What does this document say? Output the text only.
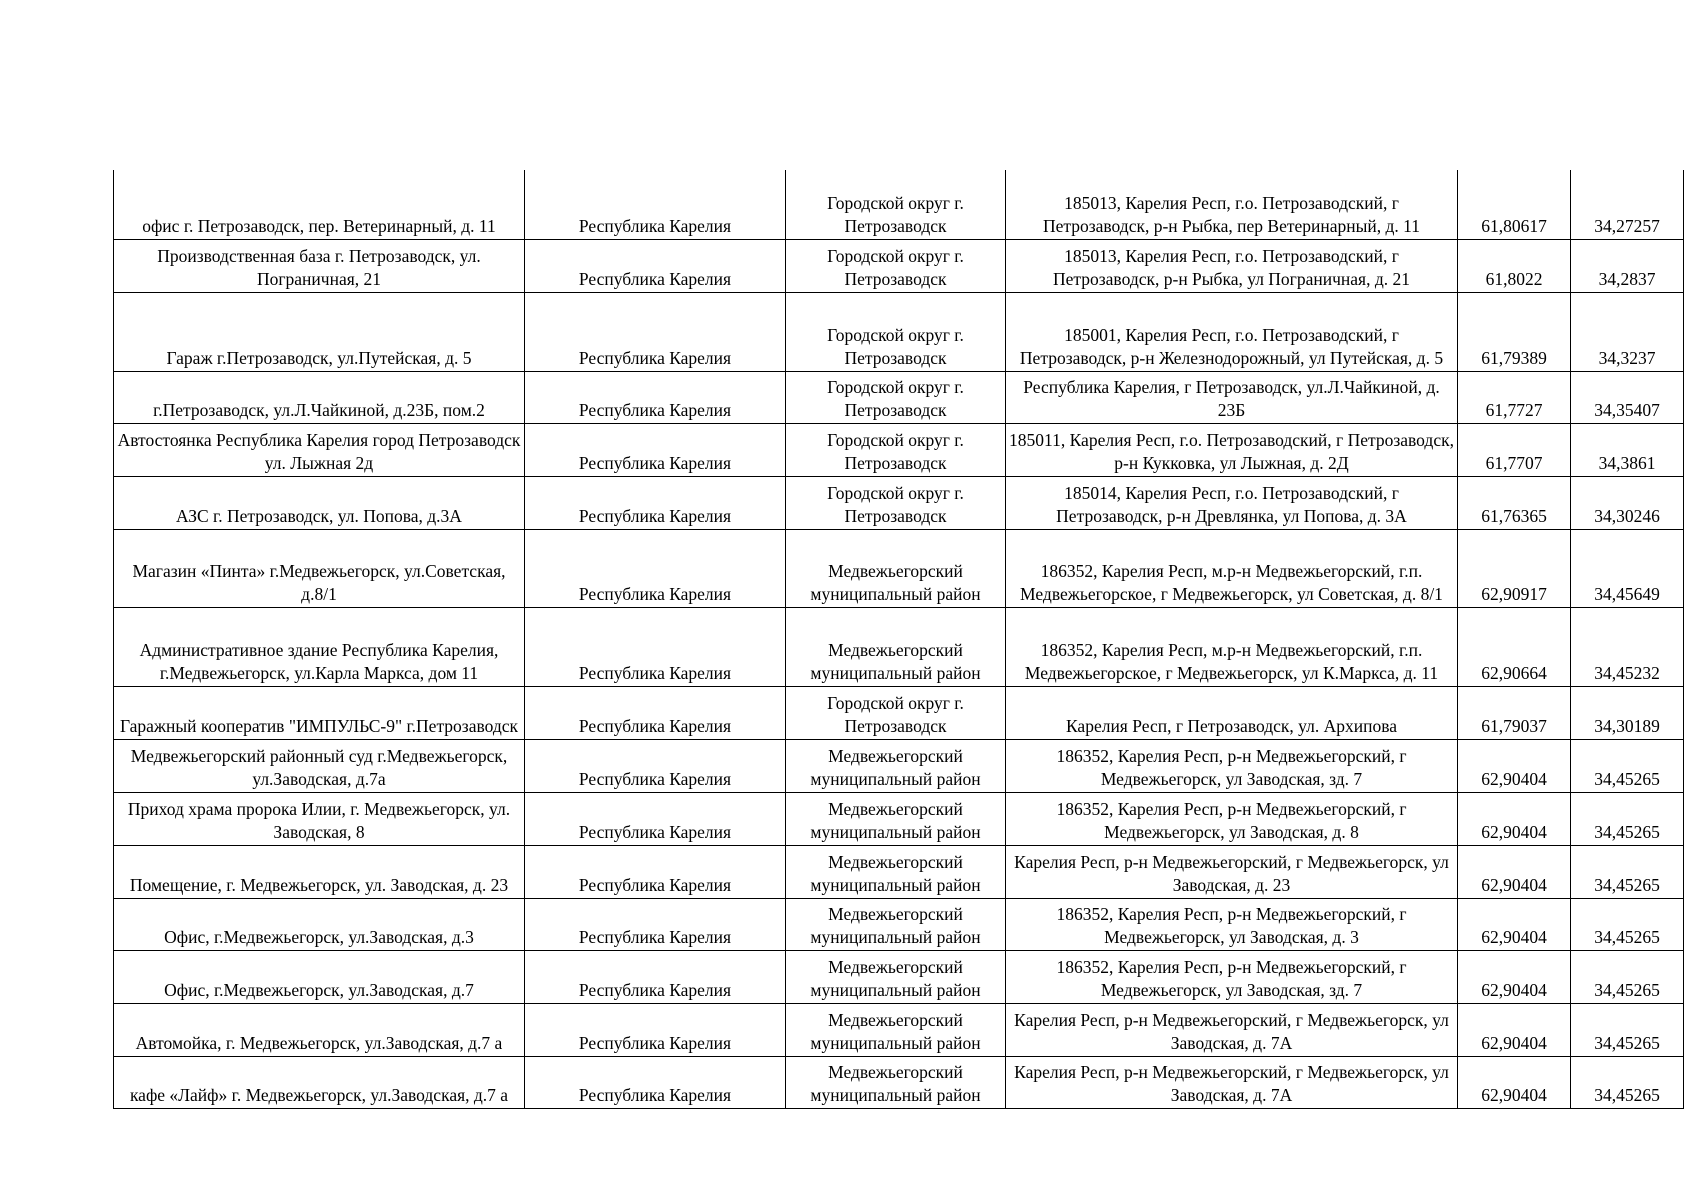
офис г. Петрозаводск, пер. Ветеринарный, д. 11	Республика Карелия	Городской округ г. Петрозаводск	185013, Карелия Респ, г.о. Петрозаводский, г Петрозаводск, р-н Рыбка, пер Ветеринарный, д. 11	61,80617	34,27257
Производственная база г. Петрозаводск, ул. Пограничная, 21	Республика Карелия	Городской округ г. Петрозаводск	185013, Карелия Респ, г.о. Петрозаводский, г Петрозаводск, р-н Рыбка, ул Пограничная, д. 21	61,8022	34,2837
Гараж г.Петрозаводск, ул.Путейская, д. 5	Республика Карелия	Городской округ г. Петрозаводск	185001, Карелия Респ, г.о. Петрозаводский, г Петрозаводск, р-н Железнодорожный, ул Путейская, д. 5	61,79389	34,3237
г.Петрозаводск, ул.Л.Чайкиной, д.23Б, пом.2	Республика Карелия	Городской округ г. Петрозаводск	Республика Карелия, г Петрозаводск, ул.Л.Чайкиной, д. 23Б	61,7727	34,35407
Автостоянка Республика Карелия город Петрозаводск ул. Лыжная 2д	Республика Карелия	Городской округ г. Петрозаводск	185011, Карелия Респ, г.о. Петрозаводский, г Петрозаводск, р-н Кукковка, ул Лыжная, д. 2Д	61,7707	34,3861
АЗС г. Петрозаводск, ул. Попова, д.3А	Республика Карелия	Городской округ г. Петрозаводск	185014, Карелия Респ, г.о. Петрозаводский, г Петрозаводск, р-н Древлянка, ул Попова, д. 3А	61,76365	34,30246
Магазин «Пинта» г.Медвежьегорск, ул.Советская, д.8/1	Республика Карелия	Медвежьегорский муниципальный район	186352, Карелия Респ, м.р-н Медвежьегорский, г.п. Медвежьегорское, г Медвежьегорск, ул Советская, д. 8/1	62,90917	34,45649
Административное здание Республика Карелия, г.Медвежьегорск, ул.Карла Маркса, дом 11	Республика Карелия	Медвежьегорский муниципальный район	186352, Карелия Респ, м.р-н Медвежьегорский, г.п. Медвежьегорское, г Медвежьегорск, ул К.Маркса, д. 11	62,90664	34,45232
Гаражный кооператив "ИМПУЛЬС-9" г.Петрозаводск	Республика Карелия	Городской округ г. Петрозаводск	Карелия Респ, г Петрозаводск, ул. Архипова	61,79037	34,30189
Медвежьегорский районный суд г.Медвежьегорск, ул.Заводская, д.7а	Республика Карелия	Медвежьегорский муниципальный район	186352, Карелия Респ, р-н Медвежьегорский, г Медвежьегорск, ул Заводская, зд. 7	62,90404	34,45265
Приход храма пророка Илии, г. Медвежьегорск, ул. Заводская, 8	Республика Карелия	Медвежьегорский муниципальный район	186352, Карелия Респ, р-н Медвежьегорский, г Медвежьегорск, ул Заводская, д. 8	62,90404	34,45265
Помещение, г. Медвежьегорск, ул. Заводская, д. 23	Республика Карелия	Медвежьегорский муниципальный район	Карелия Респ, р-н Медвежьегорский, г Медвежьегорск, ул Заводская, д. 23	62,90404	34,45265
Офис, г.Медвежьегорск, ул.Заводская, д.3	Республика Карелия	Медвежьегорский муниципальный район	186352, Карелия Респ, р-н Медвежьегорский, г Медвежьегорск, ул Заводская, д. 3	62,90404	34,45265
Офис, г.Медвежьегорск, ул.Заводская, д.7	Республика Карелия	Медвежьегорский муниципальный район	186352, Карелия Респ, р-н Медвежьегорский, г Медвежьегорск, ул Заводская, зд. 7	62,90404	34,45265
Автомойка, г. Медвежьегорск, ул.Заводская, д.7 а	Республика Карелия	Медвежьегорский муниципальный район	Карелия Респ, р-н Медвежьегорский, г Медвежьегорск, ул Заводская, д. 7А	62,90404	34,45265
кафе «Лайф» г. Медвежьегорск, ул.Заводская, д.7 а	Республика Карелия	Медвежьегорский муниципальный район	Карелия Респ, р-н Медвежьегорский, г Медвежьегорск, ул Заводская, д. 7А	62,90404	34,45265
